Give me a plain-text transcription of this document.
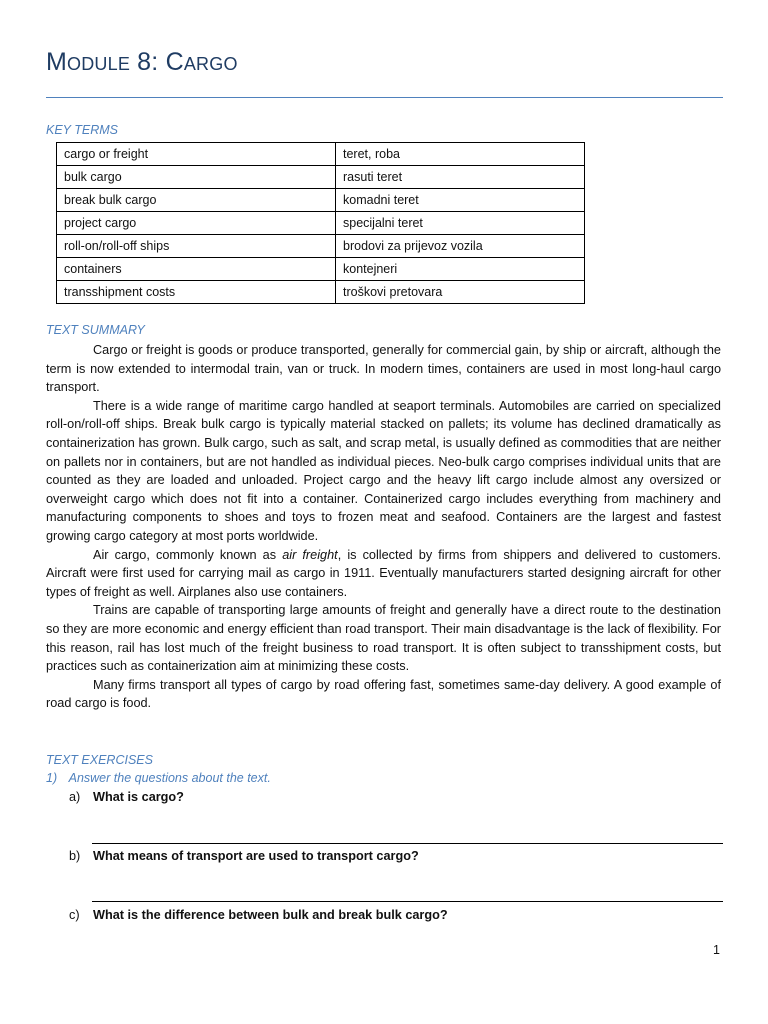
Module 8: Cargo
KEY TERMS
cargo or freight	teret, roba
bulk cargo	rasuti teret
break bulk cargo	komadni teret
project cargo	specijalni teret
roll-on/roll-off ships	brodovi za prijevoz vozila
containers	kontejneri
transshipment costs	troškovi pretovara
TEXT SUMMARY

Cargo or freight is goods or produce transported, generally for commercial gain, by ship or aircraft, although the term is now extended to intermodal train, van or truck. In modern times, containers are used in most long-haul cargo transport.

There is a wide range of maritime cargo handled at seaport terminals. Automobiles are carried on specialized roll-on/roll-off ships. Break bulk cargo is typically material stacked on pallets; its volume has declined dramatically as containerization has grown. Bulk cargo, such as salt, and scrap metal, is usually defined as commodities that are neither on pallets nor in containers, but are not handled as individual pieces. Neo-bulk cargo comprises individual units that are counted as they are loaded and unloaded. Project cargo and the heavy lift cargo include almost any oversized or overweight cargo which does not fit into a container. Containerized cargo includes everything from machinery and manufacturing components to shoes and toys to frozen meat and seafood. Containers are the largest and fastest growing cargo category at most ports worldwide.

Air cargo, commonly known as air freight, is collected by firms from shippers and delivered to customers. Aircraft were first used for carrying mail as cargo in 1911. Eventually manufacturers started designing aircraft for other types of freight as well. Airplanes also use containers.

Trains are capable of transporting large amounts of freight and generally have a direct route to the destination so they are more economic and energy efficient than road transport. Their main disadvantage is the lack of flexibility. For this reason, rail has lost much of the freight business to road transport. It is often subject to transshipment costs, but practices such as containerization aim at minimizing these costs.

Many firms transport all types of cargo by road offering fast, sometimes same-day delivery. A good example of road cargo is food.

TEXT EXERCISES
1) Answer the questions about the text.
a) What is cargo?
b) What means of transport are used to transport cargo?
c) What is the difference between bulk and break bulk cargo?
1
